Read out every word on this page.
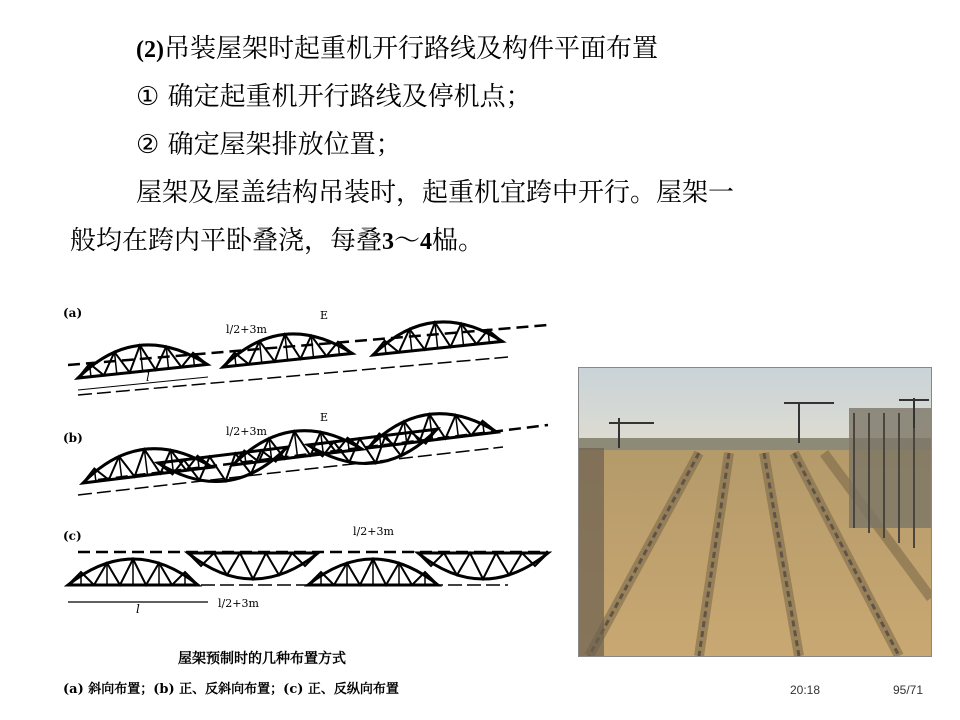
(2)吊装屋架时起重机开行路线及构件平面布置
① 确定起重机开行路线及停机点；
② 确定屋架排放位置；
屋架及屋盖结构吊装时，起重机宜跨中开行。屋架一
般均在跨内平卧叠浇，每叠3～4榀。
(a)
l
l/2+3m
E
(b)	l/2+3m
E
(c)
l	l/2+3m
l/2+3m
屋架预制时的几种布置方式
(a) 斜向布置；(b) 正、反斜向布置；(c) 正、反纵向布置	20:18	95/71
